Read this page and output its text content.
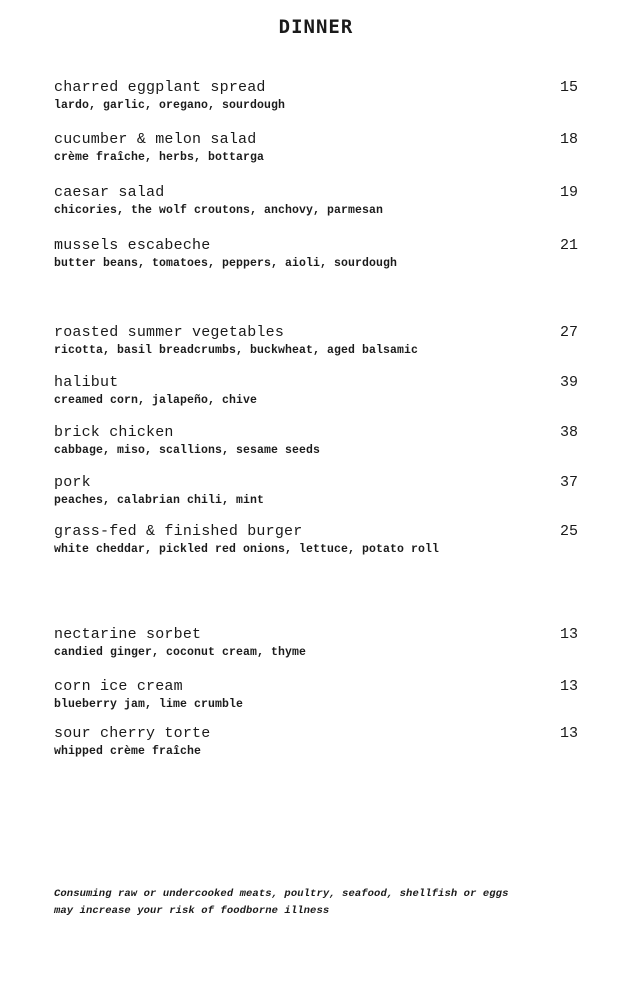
DINNER
charred eggplant spread
lardo, garlic, oregano, sourdough
15
cucumber & melon salad
crème fraîche, herbs, bottarga
18
caesar salad
chicories, the wolf croutons, anchovy, parmesan
19
mussels escabeche
butter beans, tomatoes, peppers, aioli, sourdough
21
roasted summer vegetables
ricotta, basil breadcrumbs, buckwheat, aged balsamic
27
halibut
creamed corn, jalapeño, chive
39
brick chicken
cabbage, miso, scallions, sesame seeds
38
pork
peaches, calabrian chili, mint
37
grass-fed & finished burger
white cheddar, pickled red onions, lettuce, potato roll
25
nectarine sorbet
candied ginger, coconut cream, thyme
13
corn ice cream
blueberry jam, lime crumble
13
sour cherry torte
whipped crème fraîche
13
Consuming raw or undercooked meats, poultry, seafood, shellfish or eggs may increase your risk of foodborne illness
